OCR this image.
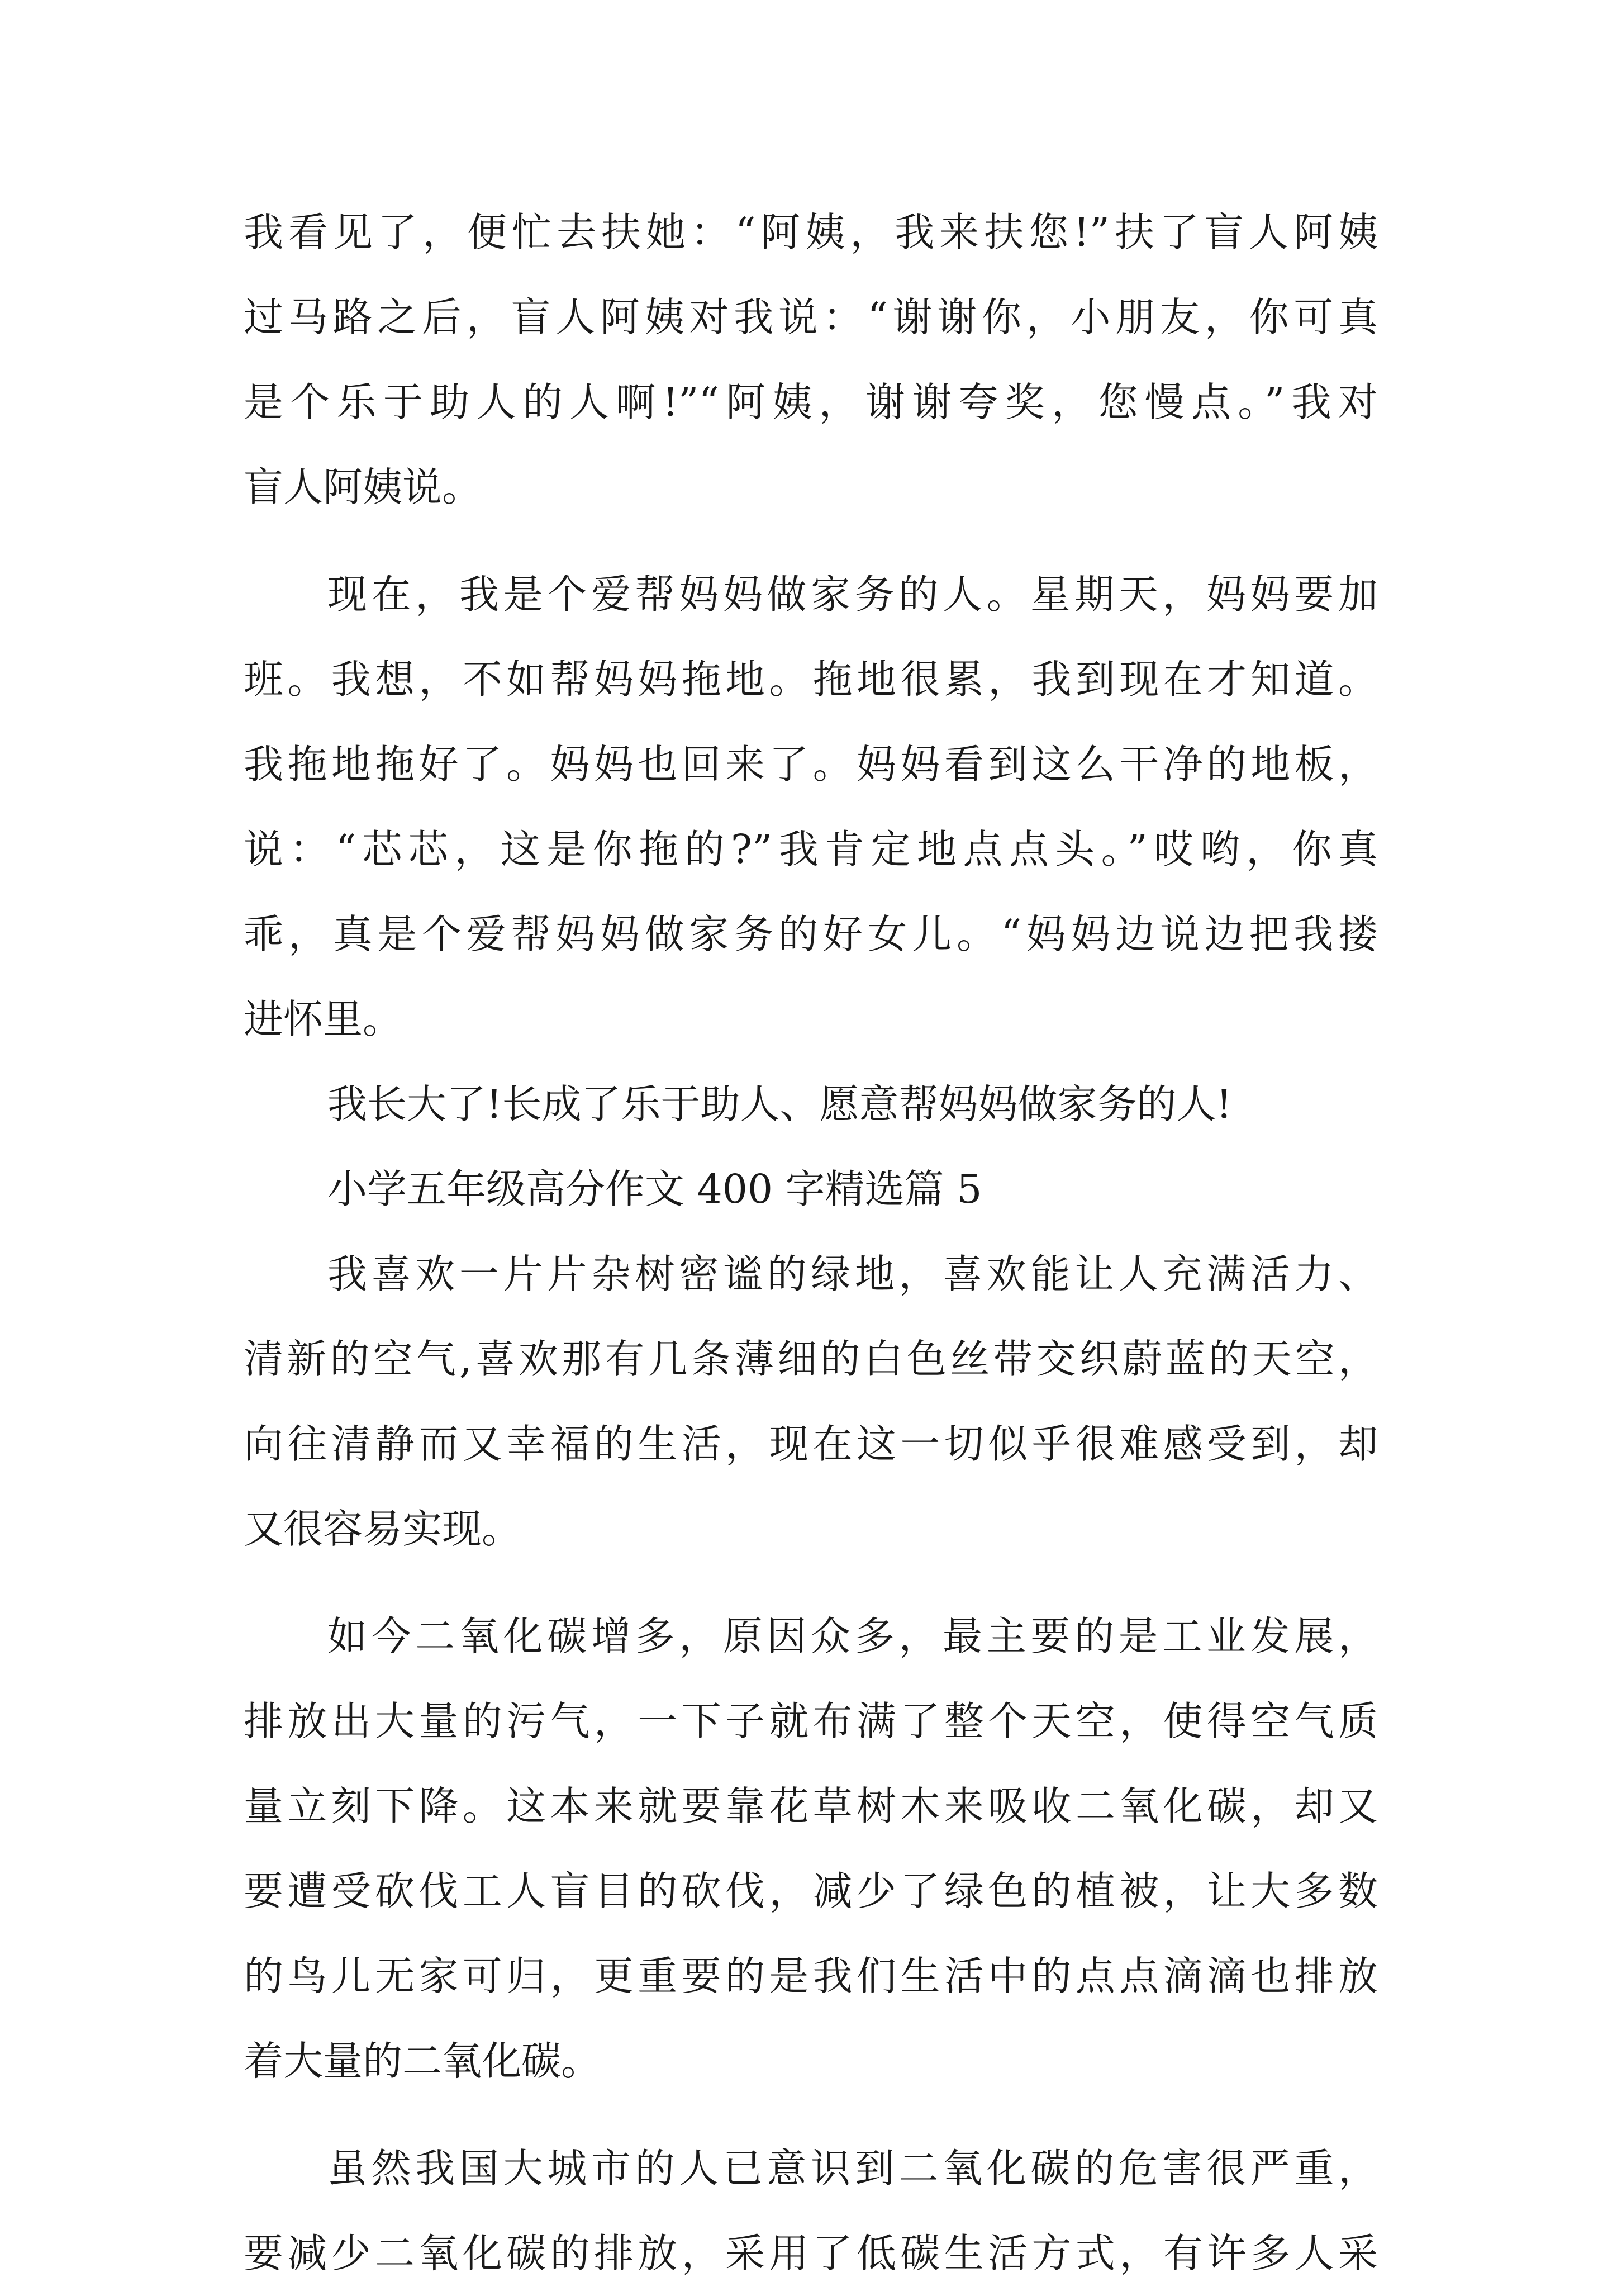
我看见了，便忙去扶她：“阿姨，我来扶您!”扶了盲人阿姨
过马路之后，盲人阿姨对我说：“谢谢你，小朋友，你可真
是个乐于助人的人啊!”“阿姨，谢谢夸奖，您慢点。”我对
盲人阿姨说。
现在，我是个爱帮妈妈做家务的人。星期天，妈妈要加
班。我想，不如帮妈妈拖地。拖地很累，我到现在才知道。
我拖地拖好了。妈妈也回来了。妈妈看到这么干净的地板，
说：“芯芯，这是你拖的?”我肯定地点点头。”哎哟，你真
乖，真是个爱帮妈妈做家务的好女儿。“妈妈边说边把我搂
进怀里。
我长大了!长成了乐于助人、愿意帮妈妈做家务的人!
小学五年级高分作文 400 字精选篇 5
我喜欢一片片杂树密谧的绿地，喜欢能让人充满活力、
清新的空气,喜欢那有几条薄细的白色丝带交织蔚蓝的天空，
向往清静而又幸福的生活，现在这一切似乎很难感受到，却
又很容易实现。
如今二氧化碳增多，原因众多，最主要的是工业发展，
排放出大量的污气，一下子就布满了整个天空，使得空气质
量立刻下降。这本来就要靠花草树木来吸收二氧化碳，却又
要遭受砍伐工人盲目的砍伐，减少了绿色的植被，让大多数
的鸟儿无家可归，更重要的是我们生活中的点点滴滴也排放
着大量的二氧化碳。
虽然我国大城市的人已意识到二氧化碳的危害很严重，
要减少二氧化碳的排放，采用了低碳生活方式，有许多人采
